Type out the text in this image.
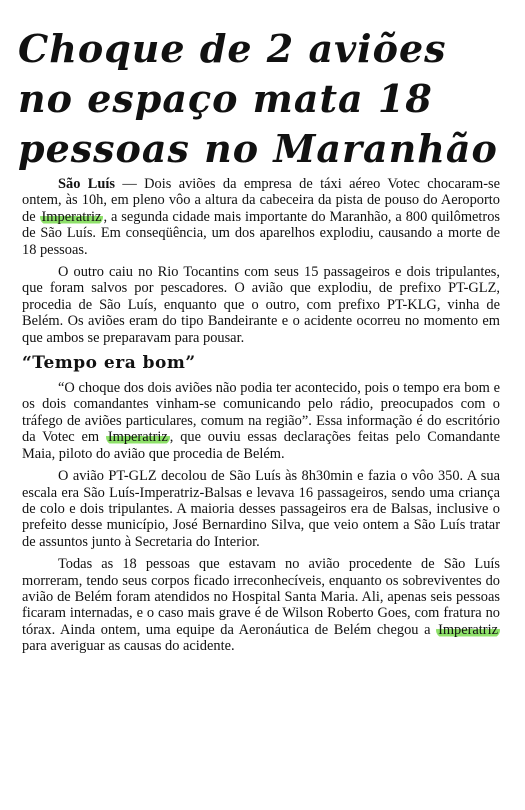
Choque de 2 aviões
no espaço mata 18
pessoas no Maranhão

São Luís — Dois aviões da empresa de táxi aéreo Votec chocaram-se ontem, às 10h, em pleno vôo a altura da cabeceira da pista de pouso do Aeroporto de Imperatriz , a segunda cidade mais importante do Maranhão, a 800 quilômetros de São Luís. Em conseqüência, um dos aparelhos explodiu, causando a morte de 18 pessoas.

O outro caiu no Rio Tocantins com seus 15 passageiros e dois tripulantes, que foram salvos por pescadores. O avião que explodiu, de prefixo PT-GLZ, procedia de São Luís, enquanto que o outro, com prefixo PT-KLG, vinha de Belém. Os aviões eram do tipo Bandeirante e o acidente ocorreu no momento em que ambos se preparavam para pousar.

“Tempo era bom”

“O choque dos dois aviões não podia ter acontecido, pois o tempo era bom e os dois comandantes vinham-se comunicando pelo rádio, preocupados com o tráfego de aviões particulares, comum na região”. Essa informação é do escritório da Votec em Imperatriz , que ouviu essas declarações feitas pelo Comandante Maia, piloto do avião que procedia de Belém.

O avião PT-GLZ decolou de São Luís às 8h30min e fazia o vôo 350. A sua escala era São Luís-Imperatriz-Balsas e levava 16 passageiros, sendo uma criança de colo e dois tripulantes. A maioria desses passageiros era de Balsas, inclusive o prefeito desse município, José Bernardino Silva, que veio ontem a São Luís tratar de assuntos junto à Secretaria do Interior.

Todas as 18 pessoas que estavam no avião procedente de São Luís morreram, tendo seus corpos ficado irreconhecíveis, enquanto os sobreviventes do avião de Belém foram atendidos no Hospital Santa Maria. Ali, apenas seis pessoas ficaram internadas, e o caso mais grave é de Wilson Roberto Goes, com fratura no tórax. Ainda ontem, uma equipe da Aeronáutica de Belém chegou a Imperatriz para averiguar as causas do acidente.
